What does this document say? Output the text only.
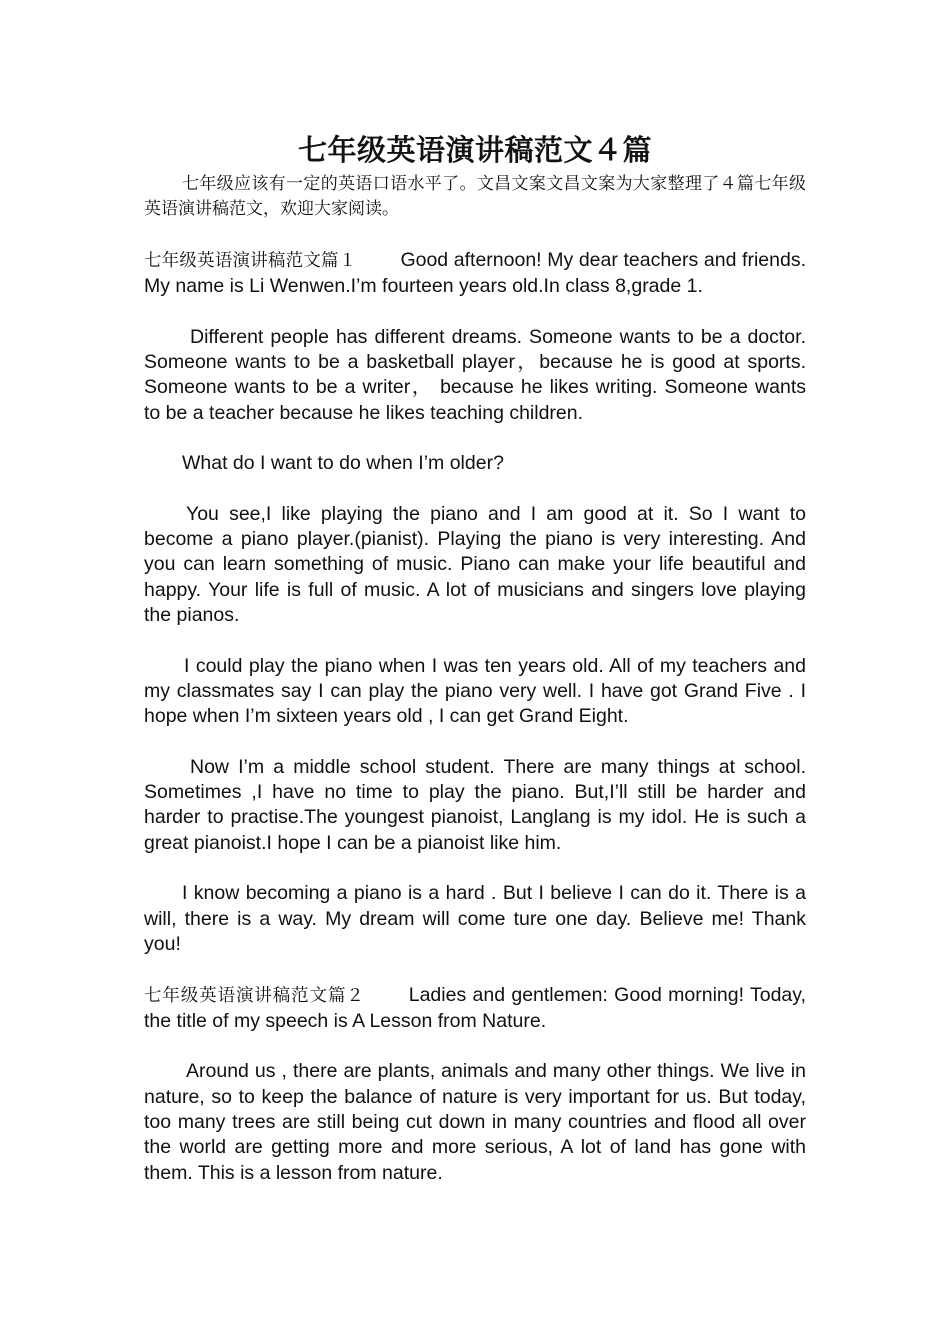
七年级英语演讲稿范文４篇

七年级应该有一定的英语口语水平了。文昌文案文昌文案为大家整理了４篇七年级英语演讲稿范文，欢迎大家阅读。

七年级英语演讲稿范文篇１ Good afternoon! My dear teachers and friends. My name is Li Wenwen.I’m fourteen years old.In class 8,grade 1.

Different people has different dreams. Someone wants to be a doctor. Someone wants to be a basketball player，because he is good at sports. Someone wants to be a writer， because he likes writing. Someone wants to be a teacher because he likes teaching children.

What do I want to do when I’m older?

You see,I like playing the piano and I am good at it. So I want to become a piano player.(pianist). Playing the piano is very interesting. And you can learn something of music. Piano can make your life beautiful and happy. Your life is full of music. A lot of musicians and singers love playing the pianos.

I could play the piano when I was ten years old. All of my teachers and my classmates say I can play the piano very well. I have got Grand Five . I hope when I’m sixteen years old , I can get Grand Eight.

Now I’m a middle school student. There are many things at school. Sometimes ,I have no time to play the piano. But,I’ll still be harder and harder to practise.The youngest pianoist, Langlang is my idol. He is such a great pianoist.I hope I can be a pianoist like him.

I know becoming a piano is a hard . But I believe I can do it. There is a will, there is a way. My dream will come ture one day. Believe me! Thank you!

七年级英语演讲稿范文篇２ Ladies and gentlemen: Good morning! Today, the title of my speech is A Lesson from Nature.

Around us , there are plants, animals and many other things. We live in nature, so to keep the balance of nature is very important for us. But today, too many trees are still being cut down in many countries and flood all over the world are getting more and more serious, A lot of land has gone with them. This is a lesson from nature.
